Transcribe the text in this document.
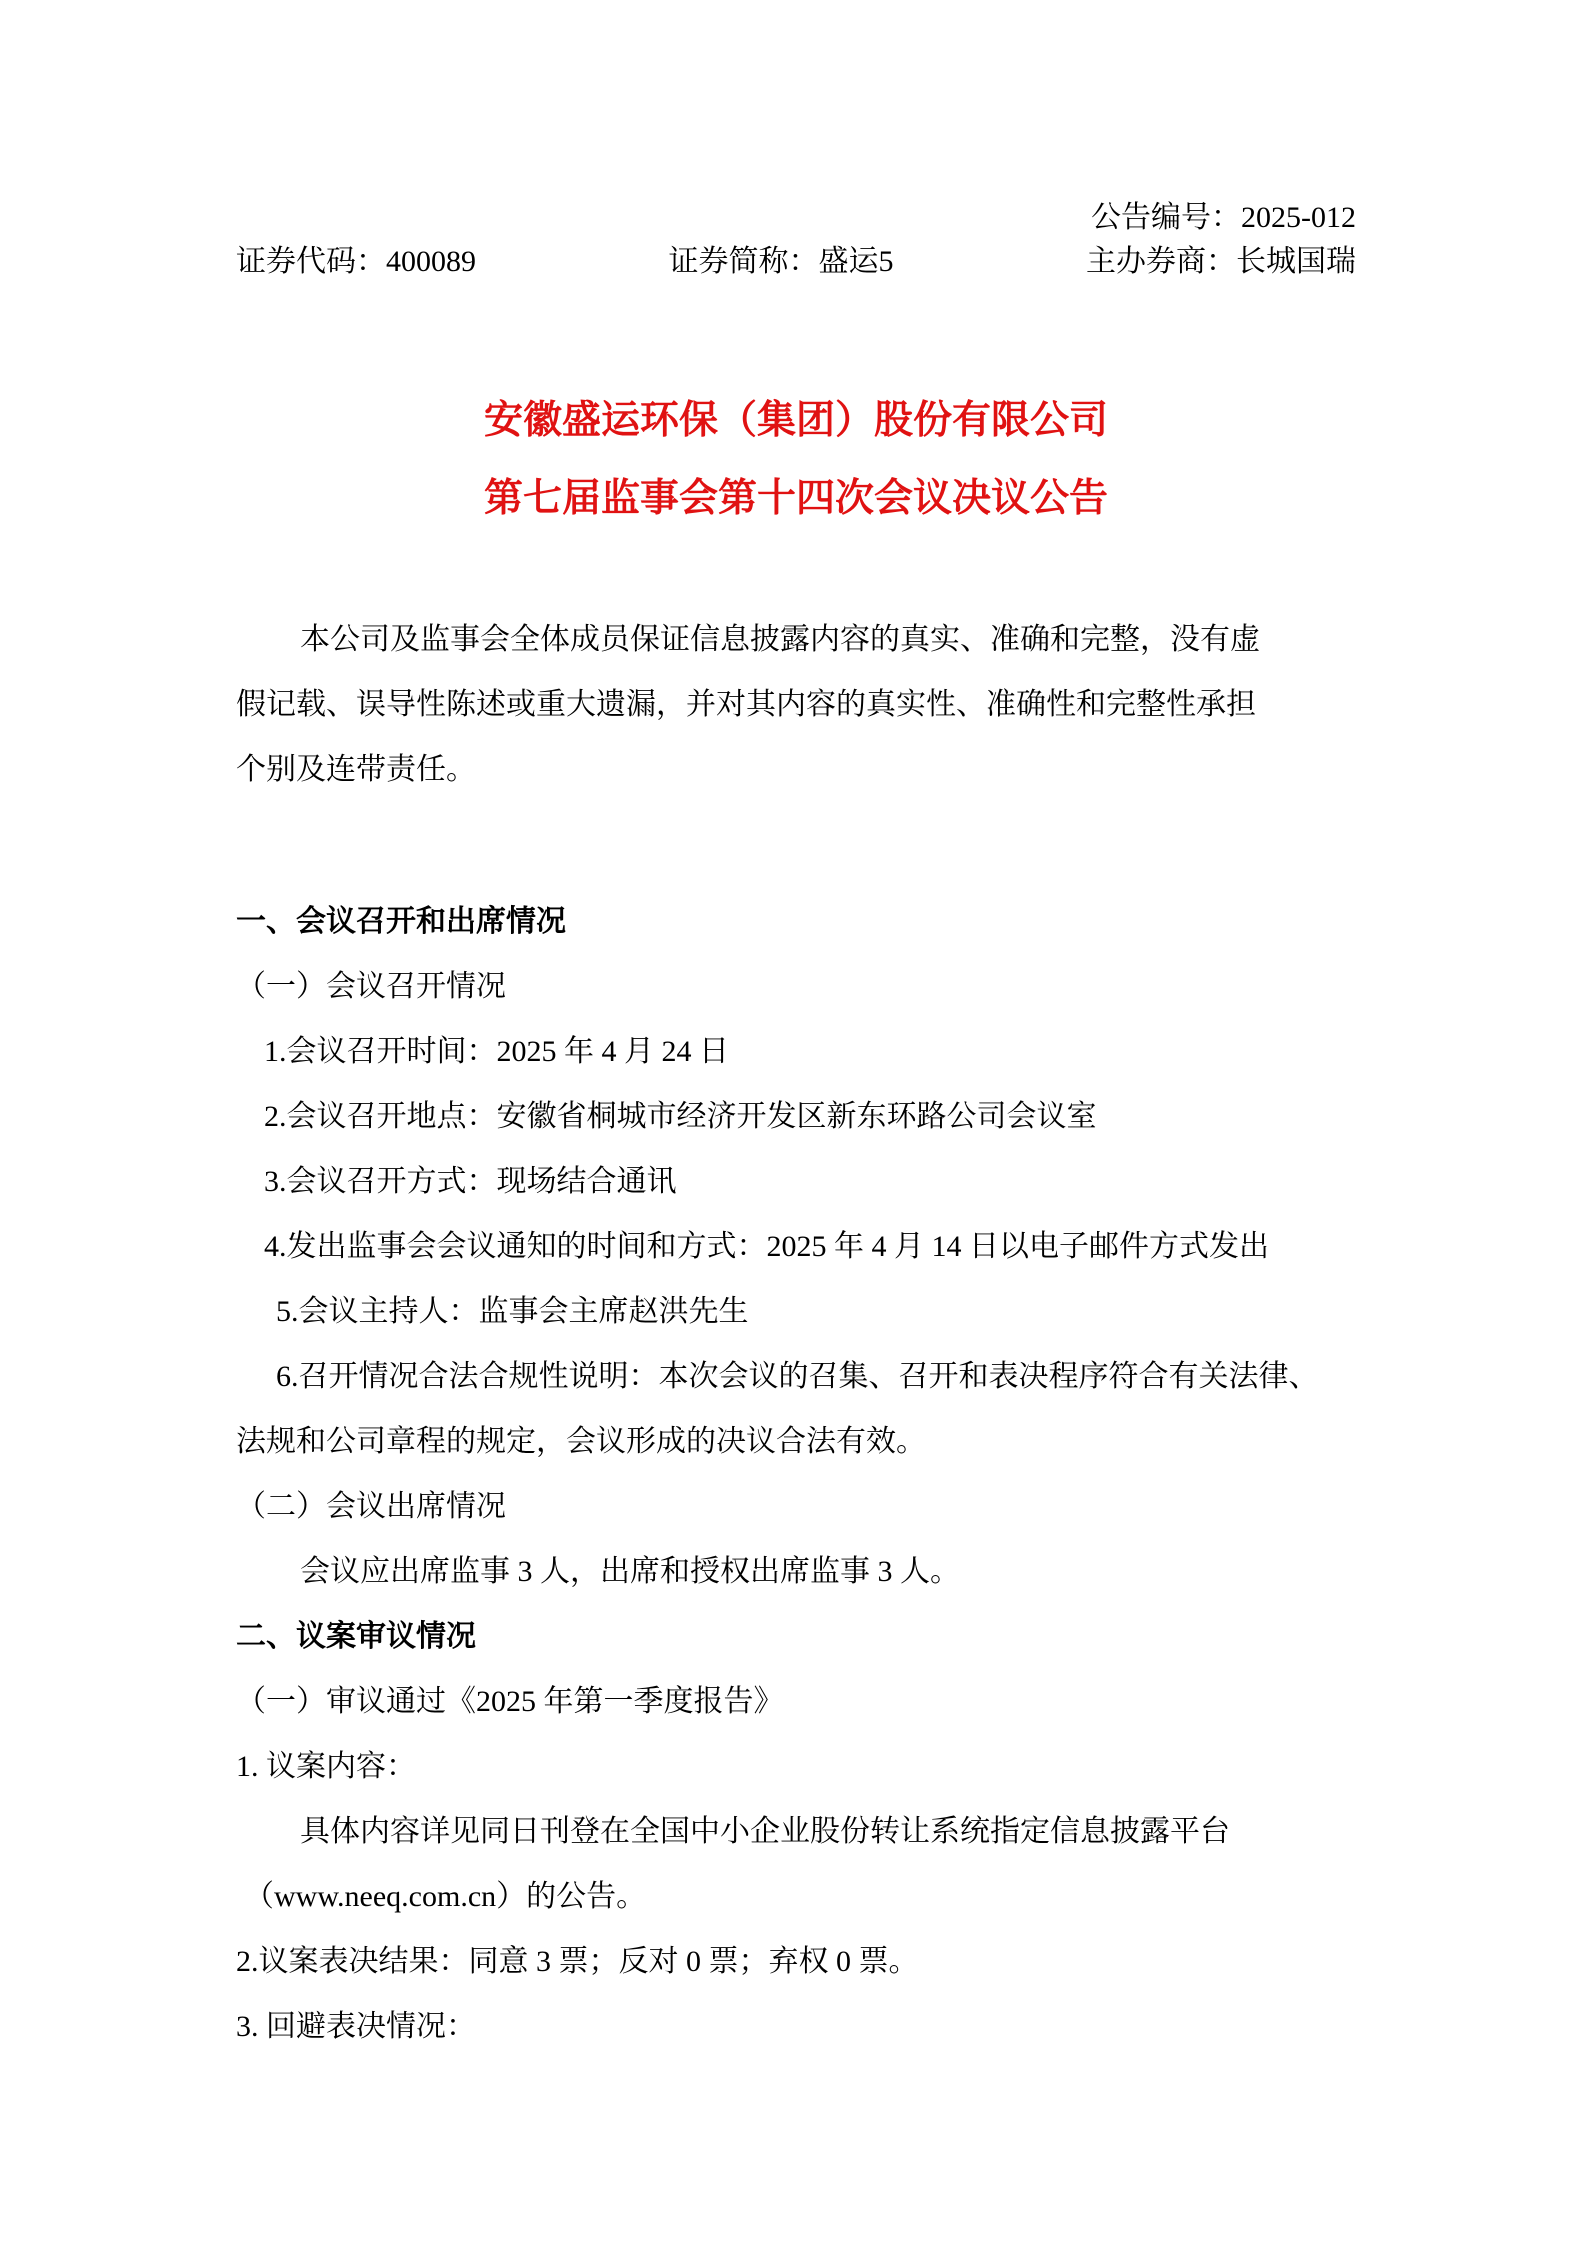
公告编号：2025-012
证券代码：400089	证券简称：盛运5	主办券商：长城国瑞
安徽盛运环保（集团）股份有限公司
第七届监事会第十四次会议决议公告
本公司及监事会全体成员保证信息披露内容的真实、准确和完整，没有虚
假记载、误导性陈述或重大遗漏，并对其内容的真实性、准确性和完整性承担
个别及连带责任。
一、会议召开和出席情况
（一）会议召开情况
1.会议召开时间：2025 年 4 月 24 日
2.会议召开地点：安徽省桐城市经济开发区新东环路公司会议室
3.会议召开方式：现场结合通讯
4.发出监事会会议通知的时间和方式：2025 年 4 月 14 日以电子邮件方式发出
5.会议主持人：监事会主席赵洪先生
6.召开情况合法合规性说明：本次会议的召集、召开和表决程序符合有关法律、
法规和公司章程的规定，会议形成的决议合法有效。
（二）会议出席情况
会议应出席监事 3 人，出席和授权出席监事 3 人。
二、议案审议情况
（一）审议通过《2025 年第一季度报告》
1. 议案内容：
具体内容详见同日刊登在全国中小企业股份转让系统指定信息披露平台
（www.neeq.com.cn）的公告。
2.议案表决结果：同意 3 票；反对 0 票；弃权 0 票。
3. 回避表决情况：
